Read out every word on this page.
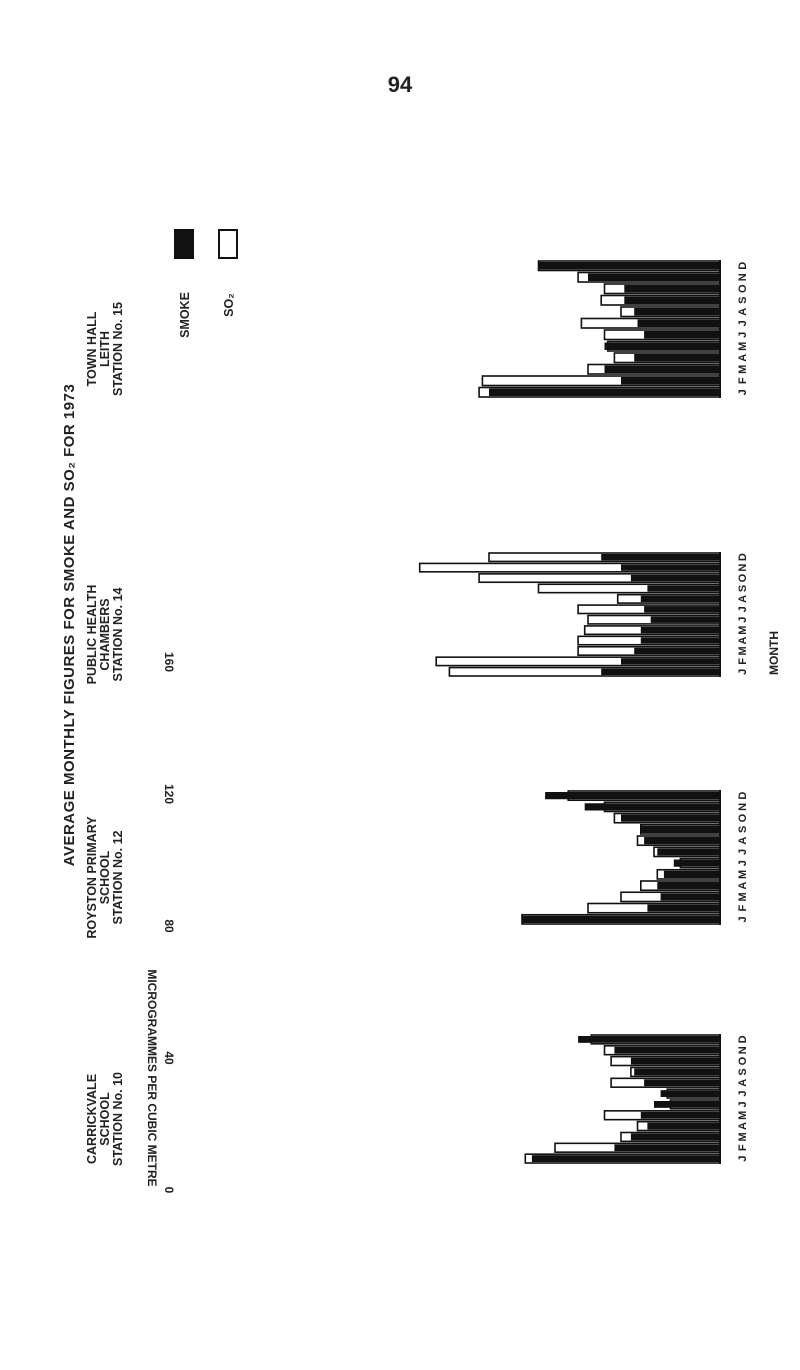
94
AVERAGE MONTHLY FIGURES FOR SMOKE AND SO₂ FOR 1973
MICROGRAMMES PER CUBIC METRE
MONTH
SMOKE SO₂
0
40
80
120
160
CARRICKVALE SCHOOL STATION No. 10	J
F
M
A
M
J
J
A
S
O
N
D
ROYSTON PRIMARY SCHOOL STATION No. 12	J
F
M
A
M
J
J
A
S
O
N
D
PUBLIC HEALTH CHAMBERS STATION No. 14	J
F
M
A
M
J
J
A
S
O
N
D
TOWN HALL LEITH STATION No. 15	J
F
M
A
M
J
J
A
S
O
N
D
